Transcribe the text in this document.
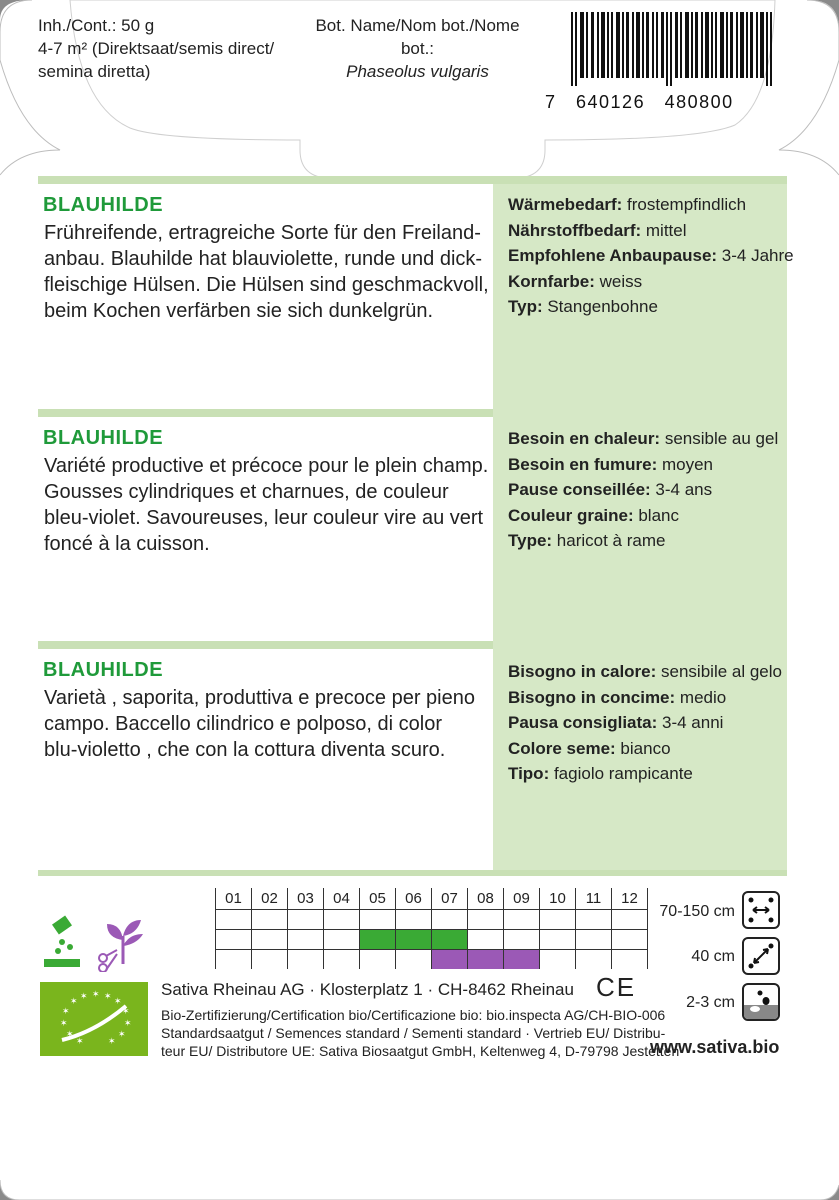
Inh./Cont.: 50 g
4-7 m² (Direktsaat/semis direct/
semina diretta)
Bot. Name/Nom bot./Nome bot.:
Phaseolus vulgaris
7   640126   480800
BLAUHILDE
Frühreifende, ertragreiche Sorte für den Freiland-
anbau. Blauhilde hat blauviolette, runde und dick-
fleischige Hülsen. Die Hülsen sind geschmackvoll,
beim Kochen verfärben sie sich dunkelgrün.
Wärmebedarf: frostempfindlich
Nährstoffbedarf: mittel
Empfohlene Anbaupause: 3-4 Jahre
Kornfarbe: weiss
Typ: Stangenbohne
BLAUHILDE
Variété productive et précoce pour le plein champ.
Gousses cylindriques et charnues, de couleur
bleu-violet. Savoureuses, leur couleur vire au vert
foncé à la cuisson.
Besoin en chaleur: sensible au gel
Besoin en fumure: moyen
Pause conseillée: 3-4 ans
Couleur graine: blanc
Type: haricot à rame
BLAUHILDE
Varietà , saporita, produttiva e precoce per pieno
campo. Baccello cilindrico e polposo, di color
blu-violetto , che con la cottura diventa scuro.
Bisogno in calore: sensibile al gelo
Bisogno in concime: medio
Pausa consigliata: 3-4 anni
Colore seme: bianco
Tipo: fagiolo rampicante
01	02	03	04	05	06	07	08	09	10	11	12

70-150 cm
40 cm
2-3 cm
✶ ✶ ✶ ✶ ✶
✶	✶
✶	✶
✶	✶
✶	✶
Sativa Rheinau AG · Klosterplatz 1 · CH-8462 Rheinau CE
Bio-Zertifizierung/Certification bio/Certificazione bio: bio.inspecta AG/CH-BIO-006
Standardsaatgut / Semences standard / Sementi standard · Vertrieb EU/ Distribu-
teur EU/ Distributore UE: Sativa Biosaatgut GmbH, Keltenweg 4, D-79798 Jestetten
www.sativa.bio
